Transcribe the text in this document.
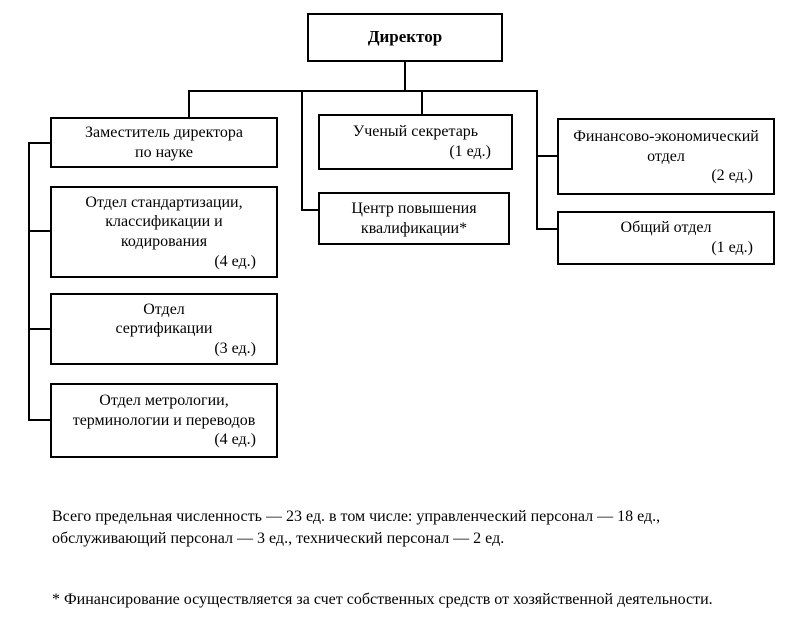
Директор
Заместитель директора
по науке
Отдел стандартизации,
классификации и
кодирования
(4 ед.)
Отдел
сертификации
(3 ед.)
Отдел метрологии,
терминологии и переводов
(4 ед.)
Ученый секретарь
(1 ед.)
Центр повышения
квалификации*
Финансово-экономический
отдел
(2 ед.)
Общий отдел
(1 ед.)
Всего предельная численность — 23 ед. в том числе: управленческий персонал — 18 ед.,
обслуживающий персонал — 3 ед., технический персонал — 2 ед.
* Финансирование осуществляется за счет собственных средств от хозяйственной деятельности.
